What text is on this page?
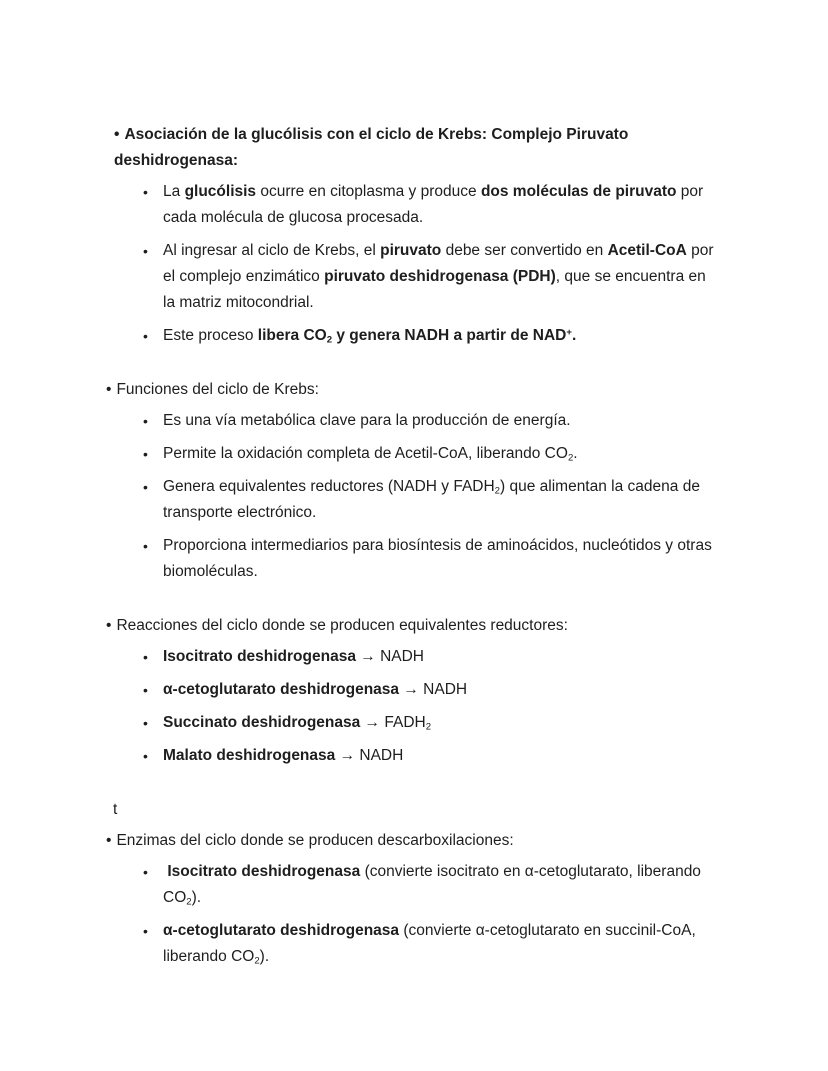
• Asociación de la glucólisis con el ciclo de Krebs: Complejo Piruvato deshidrogenasa:

• La glucólisis ocurre en citoplasma y produce dos moléculas de piruvato por cada molécula de glucosa procesada.
• Al ingresar al ciclo de Krebs, el piruvato debe ser convertido en Acetil-CoA por el complejo enzimático piruvato deshidrogenasa (PDH), que se encuentra en la matriz mitocondrial.
• Este proceso libera $CO_2$ y genera NADH a partir de NAD+.

• Funciones del ciclo de Krebs:

• Es una vía metabólica clave para la producción de energía.
• Permite la oxidación completa de Acetil-CoA, liberando $CO_2$.
• Genera equivalentes reductores (NADH y $FADH_2$) que alimentan la cadena de transporte electrónico.
• Proporciona intermediarios para biosíntesis de aminoácidos, nucleótidos y otras biomoléculas.

• Reacciones del ciclo donde se producen equivalentes reductores:

• Isocitrato deshidrogenasa → NADH
• α-cetoglutarato deshidrogenasa → NADH
• Succinato deshidrogenasa → $FADH_2$
• Malato deshidrogenasa → NADH

t

• Enzimas del ciclo donde se producen descarboxilaciones:

•	Isocitrato deshidrogenasa (convierte isocitrato en α-cetoglutarato, liberando $CO_2$).
• α-cetoglutarato deshidrogenasa (convierte α-cetoglutarato en succinil-CoA, liberando $CO_2$).
